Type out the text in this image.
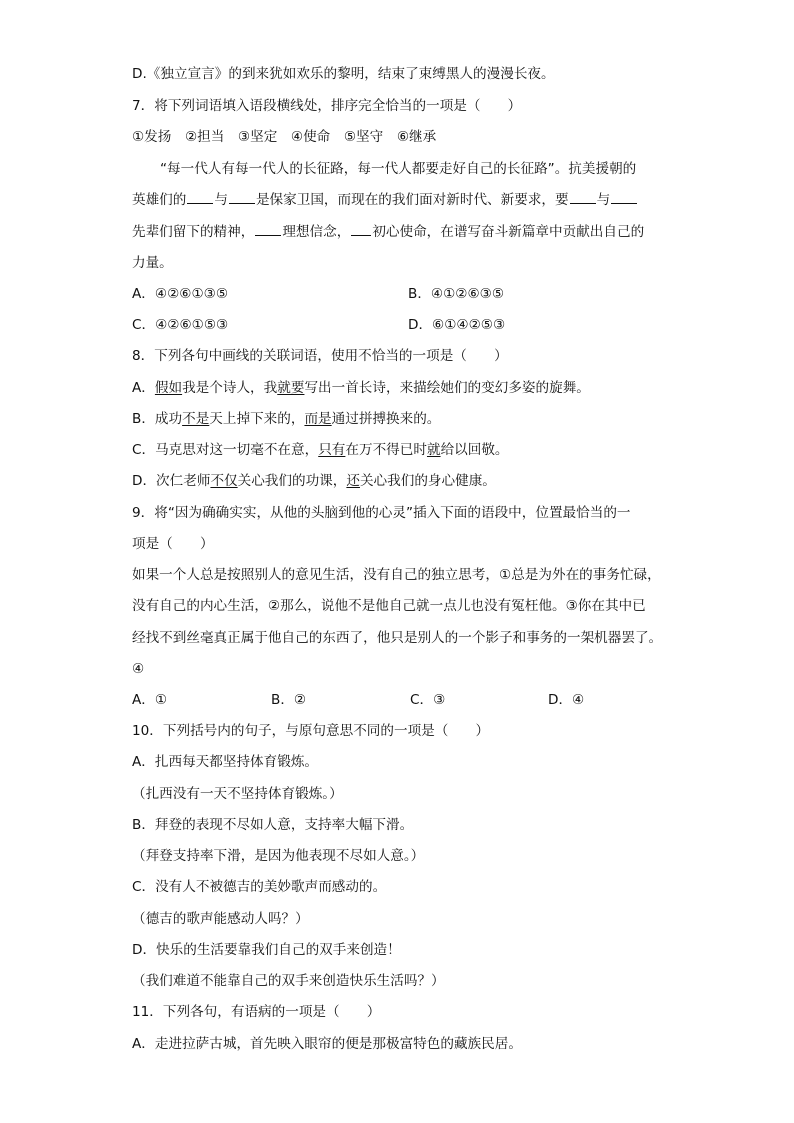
D.《独立宣言》的到来犹如欢乐的黎明，结束了束缚黑人的漫漫长夜。
7．将下列词语填入语段横线处，排序完全恰当的一项是（　　）
①发扬　②担当　③坚定　④使命　⑤坚守　⑥继承
“每一代人有每一代人的长征路，每一代人都要走好自己的长征路”。抗美援朝的
英雄们的 与 是保家卫国，而现在的我们面对新时代、新要求，要 与
先辈们留下的精神， 理想信念， 初心使命，在谱写奋斗新篇章中贡献出自己的
力量。
A．④②⑥①③⑤	B．④①②⑥③⑤
C．④②⑥①⑤③	D．⑥①④②⑤③
8．下列各句中画线的关联词语，使用不恰当的一项是（　　）
A．假如我是个诗人，我就要写出一首长诗，来描绘她们的变幻多姿的旋舞。
B．成功不是天上掉下来的，而是通过拼搏换来的。
C．马克思对这一切毫不在意，只有在万不得已时就给以回敬。
D．次仁老师不仅关心我们的功课，还关心我们的身心健康。
9．将“因为确确实实，从他的头脑到他的心灵”插入下面的语段中，位置最恰当的一
项是（　　）
如果一个人总是按照别人的意见生活，没有自己的独立思考，①总是为外在的事务忙碌，
没有自己的内心生活，②那么，说他不是他自己就一点儿也没有冤枉他。③你在其中已
经找不到丝毫真正属于他自己的东西了，他只是别人的一个影子和事务的一架机器罢了。
④
A．①	B．②	C．③	D．④
10．下列括号内的句子，与原句意思不同的一项是（　　）
A．扎西每天都坚持体育锻炼。
（扎西没有一天不坚持体育锻炼。）
B．拜登的表现不尽如人意，支持率大幅下滑。
（拜登支持率下滑，是因为他表现不尽如人意。）
C．没有人不被德吉的美妙歌声而感动的。
（德吉的歌声能感动人吗？）
D．快乐的生活要靠我们自己的双手来创造！
（我们难道不能靠自己的双手来创造快乐生活吗？）
11．下列各句，有语病的一项是（　　）
A．走进拉萨古城，首先映入眼帘的便是那极富特色的藏族民居。
